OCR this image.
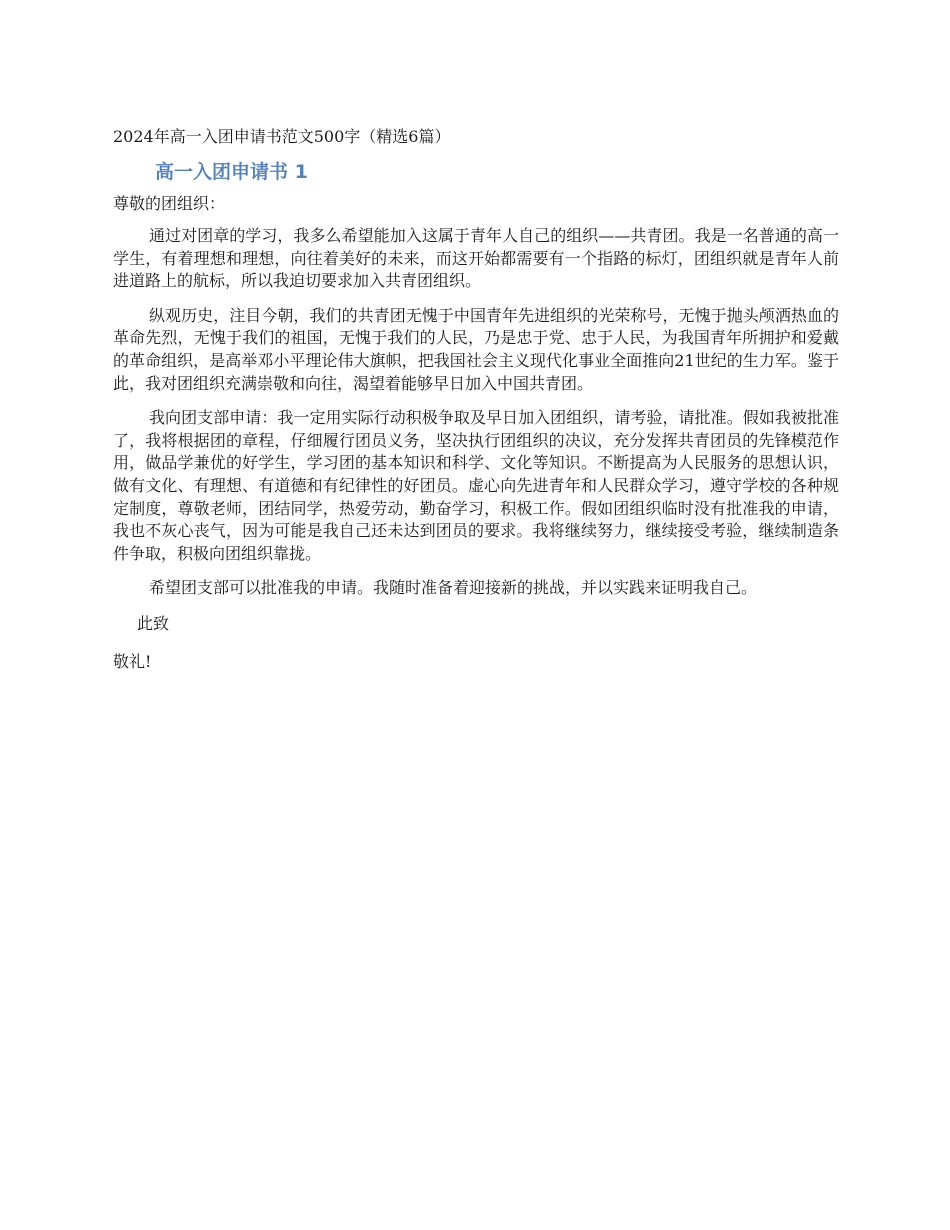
2024年高一入团申请书范文500字（精选6篇）
高一入团申请书 1
尊敬的团组织：

通过对团章的学习，我多么希望能加入这属于青年人自己的组织——共青团。我是一名普通的高一学生，有着理想和理想，向往着美好的未来，而这开始都需要有一个指路的标灯，团组织就是青年人前进道路上的航标，所以我迫切要求加入共青团组织。

纵观历史，注目今朝，我们的共青团无愧于中国青年先进组织的光荣称号，无愧于抛头颅洒热血的革命先烈，无愧于我们的祖国，无愧于我们的人民，乃是忠于党、忠于人民，为我国青年所拥护和爱戴的革命组织，是高举邓小平理论伟大旗帜，把我国社会主义现代化事业全面推向21世纪的生力军。鉴于此，我对团组织充满崇敬和向往，渴望着能够早日加入中国共青团。

我向团支部申请：我一定用实际行动积极争取及早日加入团组织，请考验，请批准。假如我被批准了，我将根据团的章程，仔细履行团员义务，坚决执行团组织的决议，充分发挥共青团员的先锋模范作用，做品学兼优的好学生，学习团的基本知识和科学、文化等知识。不断提高为人民服务的思想认识，做有文化、有理想、有道德和有纪律性的好团员。虚心向先进青年和人民群众学习，遵守学校的各种规定制度，尊敬老师，团结同学，热爱劳动，勤奋学习，积极工作。假如团组织临时没有批准我的申请，我也不灰心丧气，因为可能是我自己还未达到团员的要求。我将继续努力，继续接受考验，继续制造条件争取，积极向团组织靠拢。

希望团支部可以批准我的申请。我随时准备着迎接新的挑战，并以实践来证明我自己。

此致
敬礼!
